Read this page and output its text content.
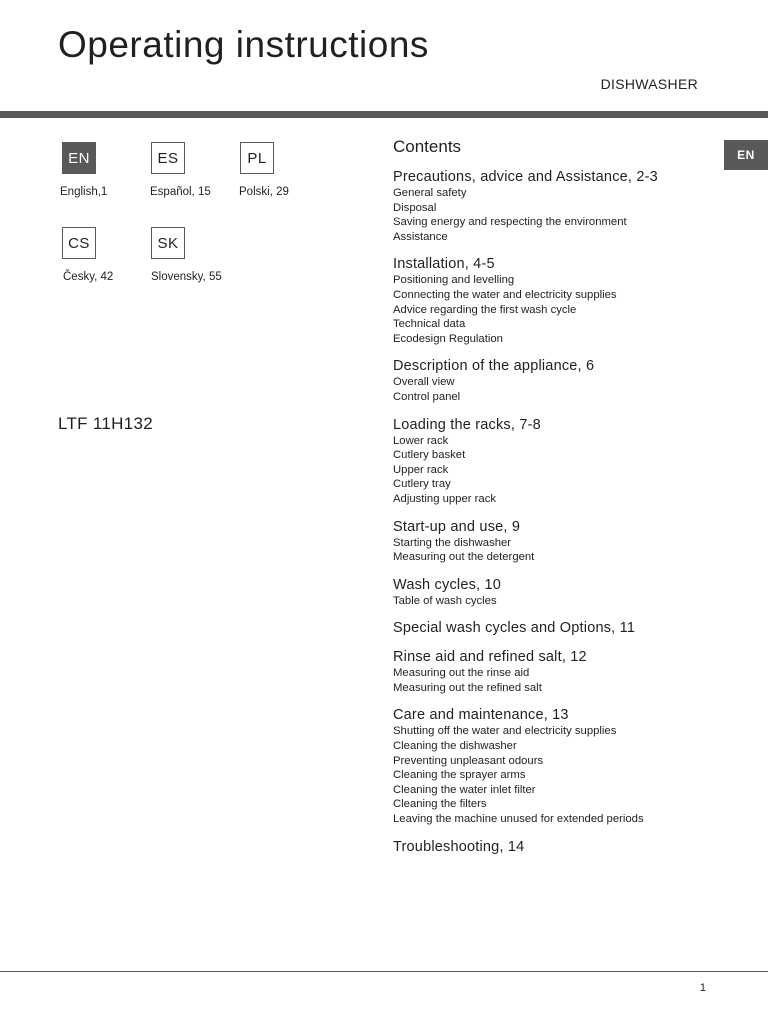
Operating instructions
DISHWASHER
EN
English,1
ES
Español, 15
PL
Polski, 29
CS
Česky, 42
SK
Slovensky, 55
LTF 11H132
EN
Contents
Precautions, advice and Assistance, 2-3
General safety
Disposal
Saving energy and respecting the environment
Assistance
Installation, 4-5
Positioning and levelling
Connecting the water and electricity supplies
Advice regarding the first wash cycle
Technical data
Ecodesign Regulation
Description of the appliance, 6
Overall view
Control panel
Loading the racks, 7-8
Lower rack
Cutlery basket
Upper rack
Cutlery tray
Adjusting upper rack
Start-up and use, 9
Starting the dishwasher
Measuring out the detergent
Wash cycles, 10
Table of wash cycles
Special wash cycles and Options, 11
Rinse aid and refined salt, 12
Measuring out the rinse aid
Measuring out the refined salt
Care and maintenance, 13
Shutting off the water and electricity supplies
Cleaning the dishwasher
Preventing unpleasant odours
Cleaning the sprayer arms
Cleaning the water inlet filter
Cleaning the filters
Leaving the machine unused for extended periods
Troubleshooting, 14
1
